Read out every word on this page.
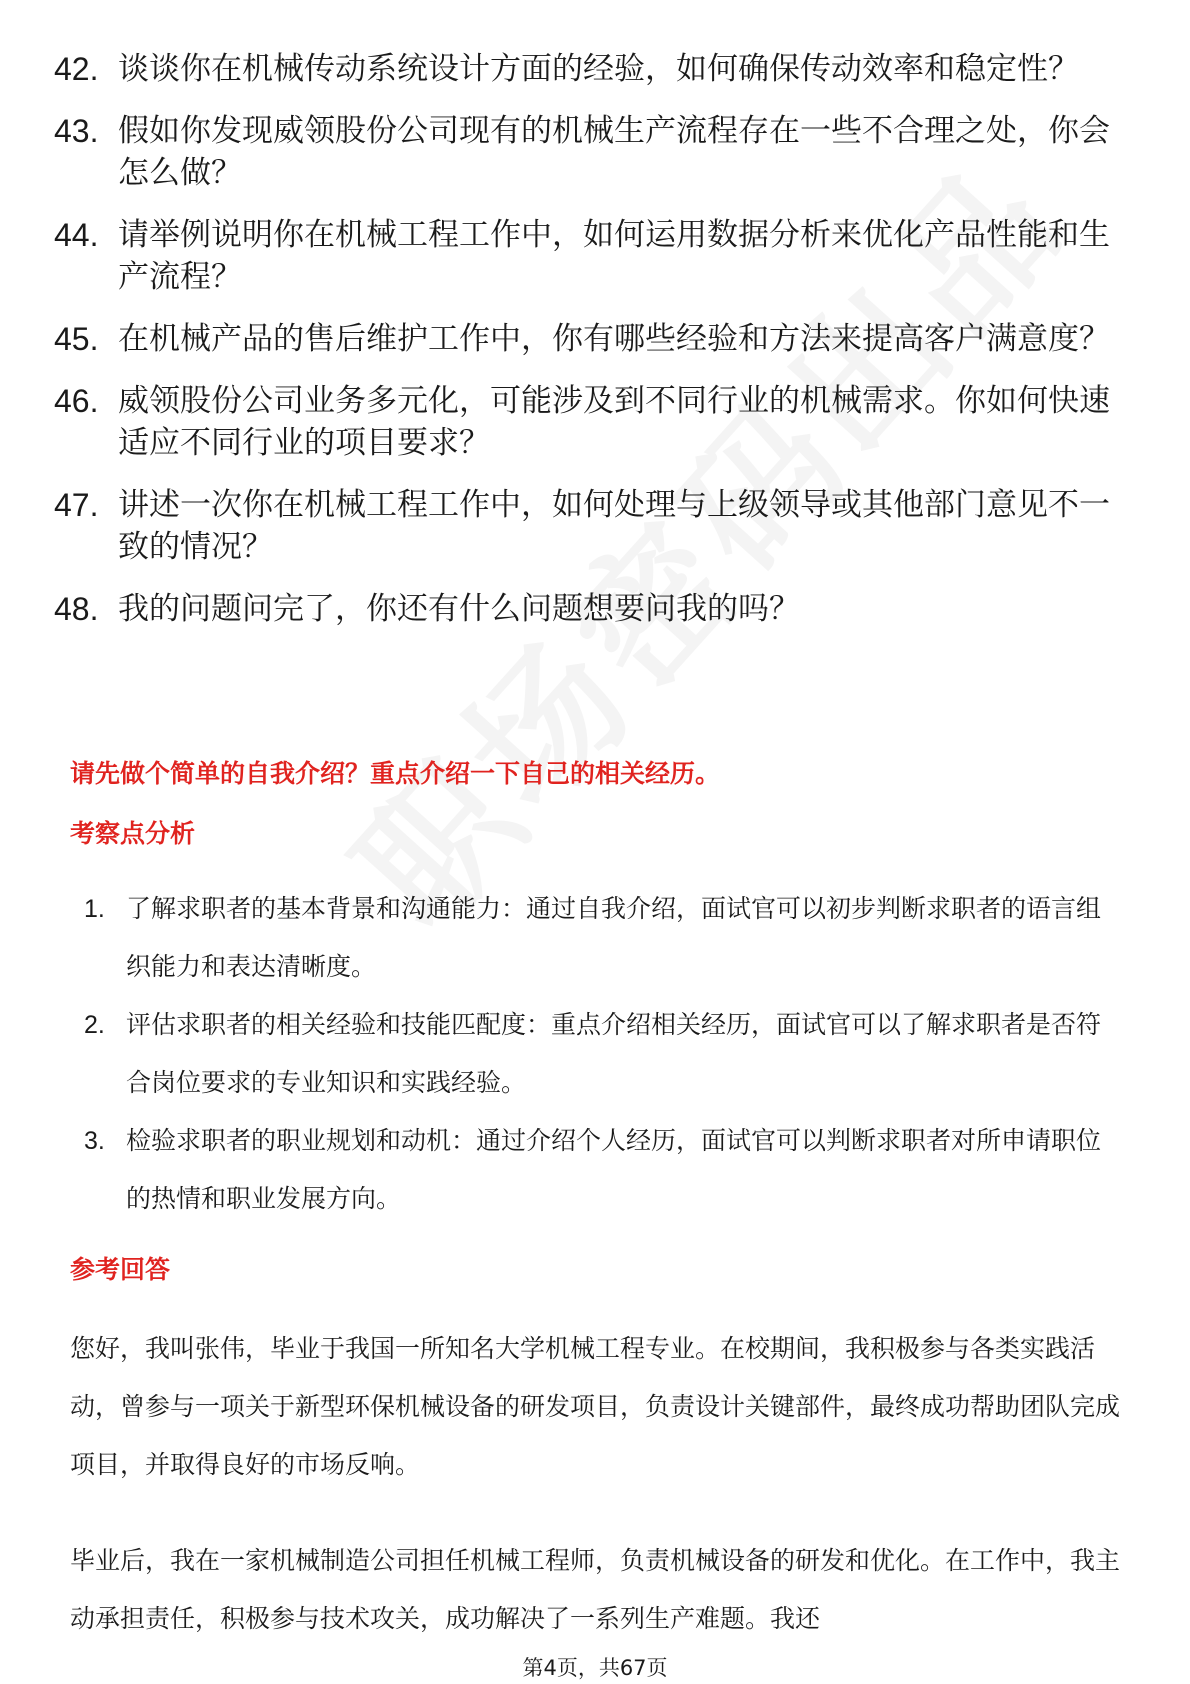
42. 谈谈你在机械传动系统设计方面的经验，如何确保传动效率和稳定性？
43. 假如你发现威领股份公司现有的机械生产流程存在一些不合理之处，你会怎么做？
44. 请举例说明你在机械工程工作中，如何运用数据分析来优化产品性能和生产流程？
45. 在机械产品的售后维护工作中，你有哪些经验和方法来提高客户满意度？
46. 威领股份公司业务多元化，可能涉及到不同行业的机械需求。你如何快速适应不同行业的项目要求？
47. 讲述一次你在机械工程工作中，如何处理与上级领导或其他部门意见不一致的情况？
48. 我的问题问完了，你还有什么问题想要问我的吗？
请先做个简单的自我介绍？重点介绍一下自己的相关经历。
考察点分析
1. 了解求职者的基本背景和沟通能力：通过自我介绍，面试官可以初步判断求职者的语言组织能力和表达清晰度。
2. 评估求职者的相关经验和技能匹配度：重点介绍相关经历，面试官可以了解求职者是否符合岗位要求的专业知识和实践经验。
3. 检验求职者的职业规划和动机：通过介绍个人经历，面试官可以判断求职者对所申请职位的热情和职业发展方向。
参考回答
您好，我叫张伟，毕业于我国一所知名大学机械工程专业。在校期间，我积极参与各类实践活动，曾参与一项关于新型环保机械设备的研发项目，负责设计关键部件，最终成功帮助团队完成项目，并取得良好的市场反响。
毕业后，我在一家机械制造公司担任机械工程师，负责机械设备的研发和优化。在工作中，我主动承担责任，积极参与技术攻关，成功解决了一系列生产难题。我还
第4页，共67页
